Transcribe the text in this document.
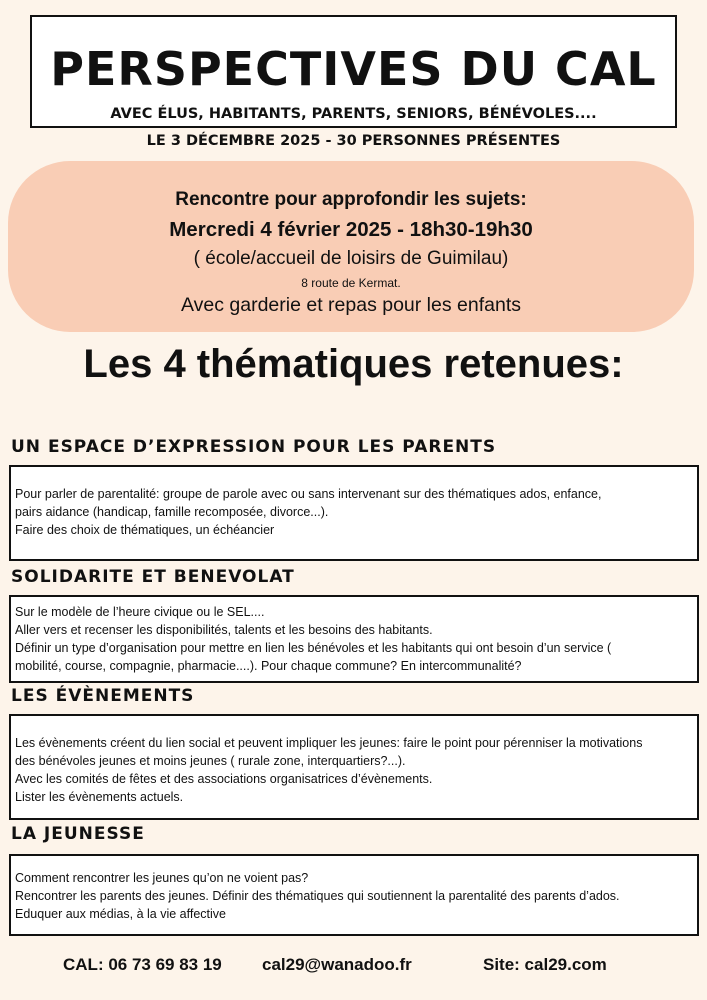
PERSPECTIVES DU CAL

AVEC ÉLUS, HABITANTS, PARENTS, SENIORS, BÉNÉVOLES....

LE 3 DÉCEMBRE 2025 - 30 PERSONNES PRÉSENTES

Rencontre pour approfondir les sujets:
Mercredi 4 février 2025 - 18h30-19h30
( école/accueil de loisirs de Guimilau)
8 route de Kermat.
Avec garderie et repas pour les enfants
Les 4 thématiques retenues:
UN ESPACE D’EXPRESSION POUR LES PARENTS

Pour parler de parentalité: groupe de parole avec ou sans intervenant sur des thématiques ados, enfance,

pairs aidance (handicap, famille recomposée, divorce...).

Faire des choix de thématiques, un échéancier

SOLIDARITE ET BENEVOLAT

Sur le modèle de l’heure civique ou le SEL....

Aller vers et recenser les disponibilités, talents et les besoins des habitants.

Définir un type d’organisation pour mettre en lien les bénévoles et les habitants qui ont besoin d’un service (

mobilité, course, compagnie, pharmacie....). Pour chaque commune? En intercommunalité?

LES ÉVÈNEMENTS

Les évènements créent du lien social et peuvent impliquer les jeunes: faire le point pour pérenniser la motivations

des bénévoles jeunes et moins jeunes ( rurale zone, interquartiers?...).

Avec les comités de fêtes et des associations organisatrices d’évènements.

Lister les évènements actuels.

LA JEUNESSE

Comment rencontrer les jeunes qu’on ne voient pas?

Rencontrer les parents des jeunes. Définir des thématiques qui soutiennent la parentalité des parents d’ados.

Eduquer aux médias, à la vie affective

CAL: 06 73 69 83 19 cal29@wanadoo.fr	Site: cal29.com
